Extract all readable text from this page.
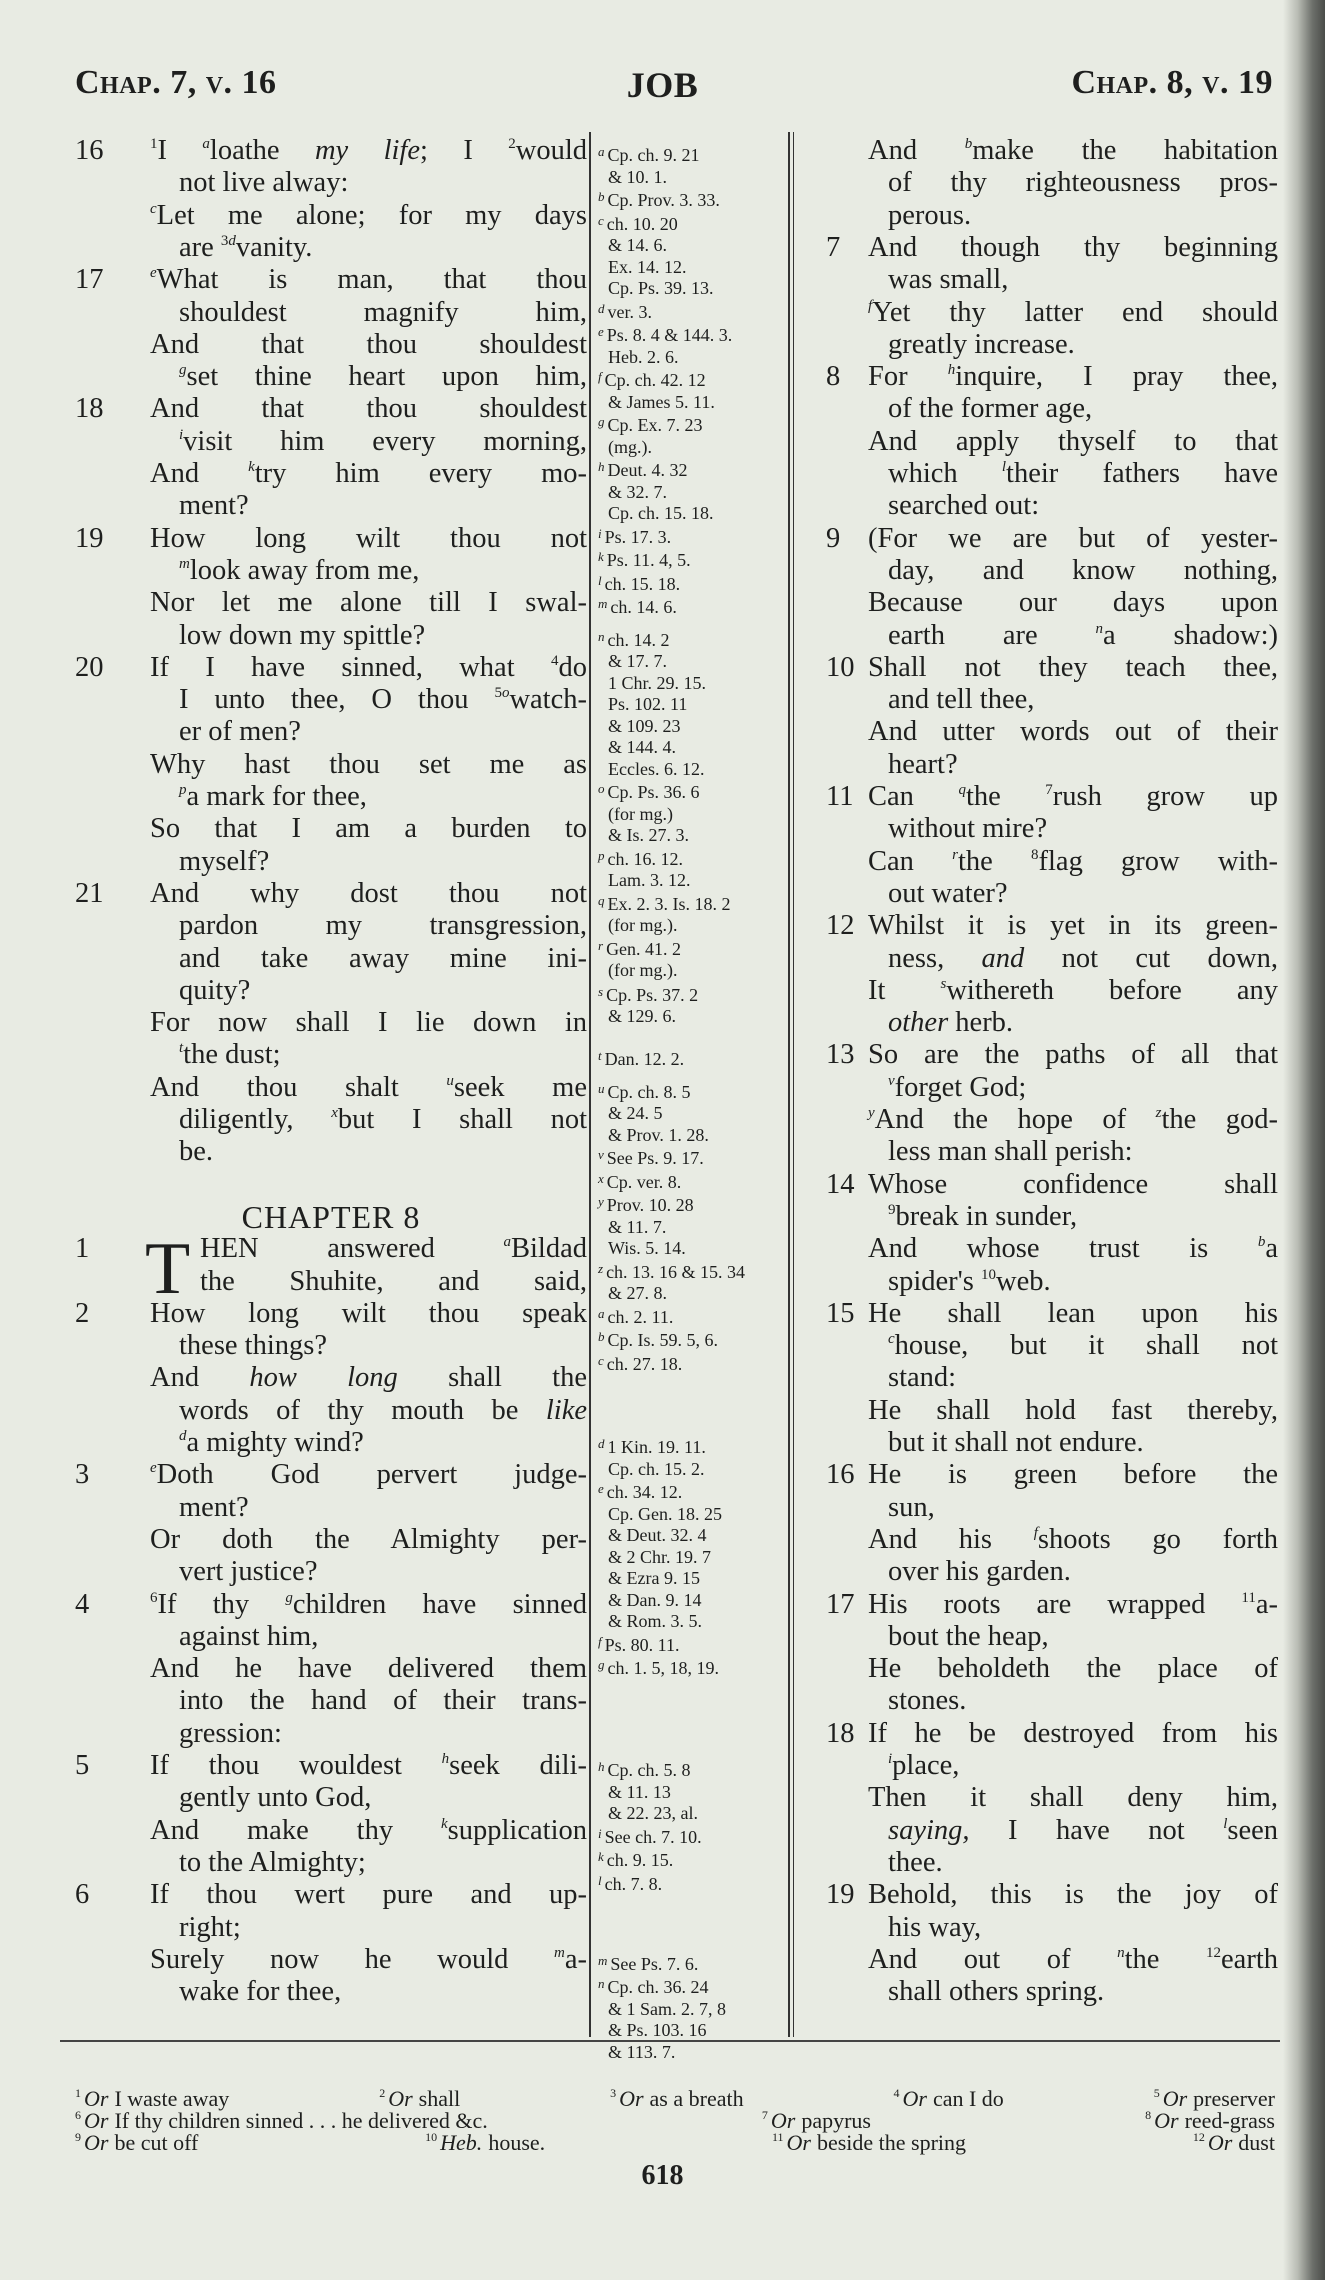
Chap. 7, v. 16	JOB	Chap. 8, v. 19
16	$^1$I $^a$loathe my life; I $^2$would
not live alway:
$^c$Let me alone; for my days
are $^{3d}$vanity.
17	$^e$What is man, that thou
shouldest magnify him,
And that thou shouldest
$^g$set thine heart upon him,
18 And that thou shouldest
$^i$visit him every morning,
And $^k$try him every mo-
ment?
19 How long wilt thou not
$^m$look away from me,
Nor let me alone till I swal-
low down my spittle?
20 If I have sinned, what $^4$do
I unto thee, O thou $^{5o}$watch-
er of men?
Why hast thou set me as
$^p$a mark for thee,
So that I am a burden to
myself?
21 And why dost thou not
pardon my transgression,
and take away mine ini-
quity?
For now shall I lie down in
$^t$the dust;
And thou shalt $^u$seek me
diligently, $^x$but I shall not
be.
CHAPTER 8
1 T HEN answered $^a$Bildad
the Shuhite, and said,
2 How long wilt thou speak
these things?
And how long shall the
words of thy mouth be like
$^d$a mighty wind?
3	$^e$Doth God pervert judge-
ment?
Or doth the Almighty per-
vert justice?
4	$^6$If thy $^g$children have sinned
against him,
And he have delivered them
into the hand of their trans-
gression:
5 If thou wouldest $^h$seek dili-
gently unto God,
And make thy $^k$supplication
to the Almighty;
6 If thou wert pure and up-
right;
Surely now he would $^m$a-
wake for thee,
$^a$ Cp. ch. 9. 21
& 10. 1.
$^b$ Cp. Prov. 3. 33.
$^c$ ch. 10. 20
& 14. 6.
Ex. 14. 12.
Cp. Ps. 39. 13.
$^d$ ver. 3.
$^e$ Ps. 8. 4 & 144. 3.
Heb. 2. 6.
$^f$ Cp. ch. 42. 12
& James 5. 11.
$^g$ Cp. Ex. 7. 23
(mg.).
$^h$ Deut. 4. 32
& 32. 7.
Cp. ch. 15. 18.
$^i$ Ps. 17. 3.
$^k$ Ps. 11. 4, 5.
$^l$ ch. 15. 18.
$^m$ ch. 14. 6.
$^n$ ch. 14. 2
& 17. 7.
1 Chr. 29. 15.
Ps. 102. 11
& 109. 23
& 144. 4.
Eccles. 6. 12.
$^o$ Cp. Ps. 36. 6
(for mg.)
& Is. 27. 3.
$^p$ ch. 16. 12.
Lam. 3. 12.
$^q$ Ex. 2. 3. Is. 18. 2
(for mg.).
$^r$ Gen. 41. 2
(for mg.).
$^s$ Cp. Ps. 37. 2
& 129. 6.
$^t$ Dan. 12. 2.
$^u$ Cp. ch. 8. 5
& 24. 5
& Prov. 1. 28.
$^v$ See Ps. 9. 17.
$^x$ Cp. ver. 8.
$^y$ Prov. 10. 28
& 11. 7.
Wis. 5. 14.
$^z$ ch. 13. 16 & 15. 34
& 27. 8.
$^a$ ch. 2. 11.
$^b$ Cp. Is. 59. 5, 6.
$^c$ ch. 27. 18.
$^d$ 1 Kin. 19. 11.
Cp. ch. 15. 2.
$^e$ ch. 34. 12.
Cp. Gen. 18. 25
& Deut. 32. 4
& 2 Chr. 19. 7
& Ezra 9. 15
& Dan. 9. 14
& Rom. 3. 5.
$^f$ Ps. 80. 11.
$^g$ ch. 1. 5, 18, 19.
$^h$ Cp. ch. 5. 8
& 11. 13
& 22. 23, al.
$^i$ See ch. 7. 10.
$^k$ ch. 9. 15.
$^l$ ch. 7. 8.
$^m$ See Ps. 7. 6.
$^n$ Cp. ch. 36. 24
& 1 Sam. 2. 7, 8
& Ps. 103. 16
& 113. 7.
And $^b$make the habitation
of thy righteousness pros-
perous.
7 And though thy beginning
was small,
$^f$Yet thy latter end should
greatly increase.
8 For $^h$inquire, I pray thee,
of the former age,
And apply thyself to that
which $^l$their fathers have
searched out:
9 (For we are but of yester-
day, and know nothing,
Because our days upon
earth are $^n$a shadow:)
10 Shall not they teach thee,
and tell thee,
And utter words out of their
heart?
11 Can $^q$the $^7$rush grow up
without mire?
Can $^r$the $^8$flag grow with-
out water?
12 Whilst it is yet in its green-
ness, and not cut down,
It $^s$withereth before any
other herb.
13 So are the paths of all that
$^v$forget God;
$^y$And the hope of $^z$the god-
less man shall perish:
14 Whose confidence shall
$^9$break in sunder,
And whose trust is $^b$a
spider's $^{10}$web.
15 He shall lean upon his
$^c$house, but it shall not
stand:
He shall hold fast thereby,
but it shall not endure.
16 He is green before the
sun,
And his $^f$shoots go forth
over his garden.
17 His roots are wrapped $^{11}$a-
bout the heap,
He beholdeth the place of
stones.
18 If he be destroyed from his
$^i$place,
Then it shall deny him,
saying, I have not $^l$seen
thee.
19 Behold, this is the joy of
his way,
And out of $^n$the $^{12}$earth
shall others spring.
$^1$ Or I waste away	$^2$ Or shall	$^3$ Or as a breath	$^4$ Or can I do	$^5$ Or preserver
$^6$ Or If thy children sinned . . . he delivered &c.	$^7$ Or papyrus	$^8$ Or reed-grass
$^9$ Or be cut off	$^{10}$ Heb. house.	$^{11}$ Or beside the spring	$^{12}$ Or dust
618
